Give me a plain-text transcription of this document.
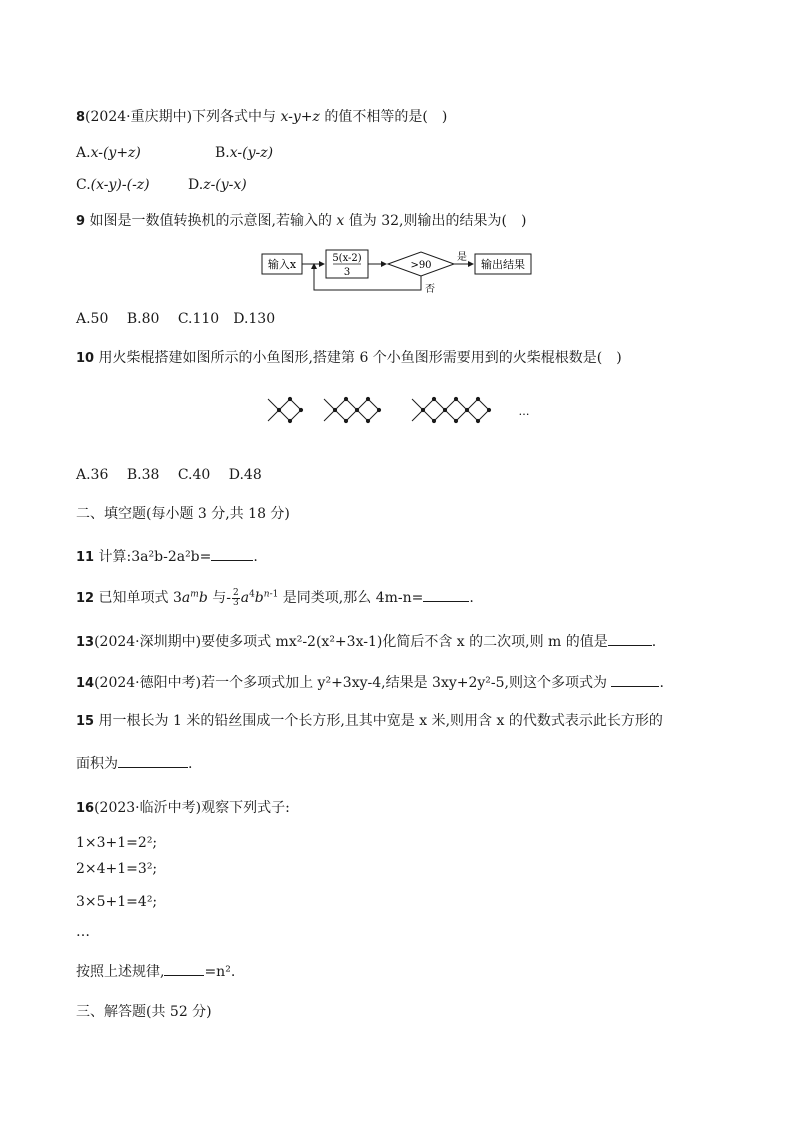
8(2024·重庆期中)下列各式中与 x-y+z 的值不相等的是(　)
A.x-(y+z)	B.x-(y-z)
C.(x-y)-(-z)	D.z-(y-x)
9 如图是一数值转换机的示意图,若输入的 x 值为 32,则输出的结果为(　)
输入x	5(x-2)
3
>90
是
输出结果
否
A.50　 B.80　 C.110　D.130
10 用火柴棍搭建如图所示的小鱼图形,搭建第 6 个小鱼图形需要用到的火柴棍根数是(　)
…
A.36　 B.38　 C.40　 D.48
二、填空题(每小题 3 分,共 18 分)
11 计算:3a²b-2a²b=	.
12 已知单项式 $3a^mb$ 与- $\frac{2}{3} a^4b^{n-1}$ 是同类项,那么 4m-n=	.
13(2024·深圳期中)要使多项式 mx²-2(x²+3x-1)化简后不含 x 的二次项,则 m 的值是	.
14(2024·德阳中考)若一个多项式加上 y²+3xy-4,结果是 3xy+2y²-5,则这个多项式为	.
15 用一根长为 1 米的铅丝围成一个长方形,且其中宽是 x 米,则用含 x 的代数式表示此长方形的
面积为	.
16(2023·临沂中考)观察下列式子:
1×3+1=2²;
2×4+1=3²;
3×5+1=4²;
…
按照上述规律,	=n².
三、解答题(共 52 分)
